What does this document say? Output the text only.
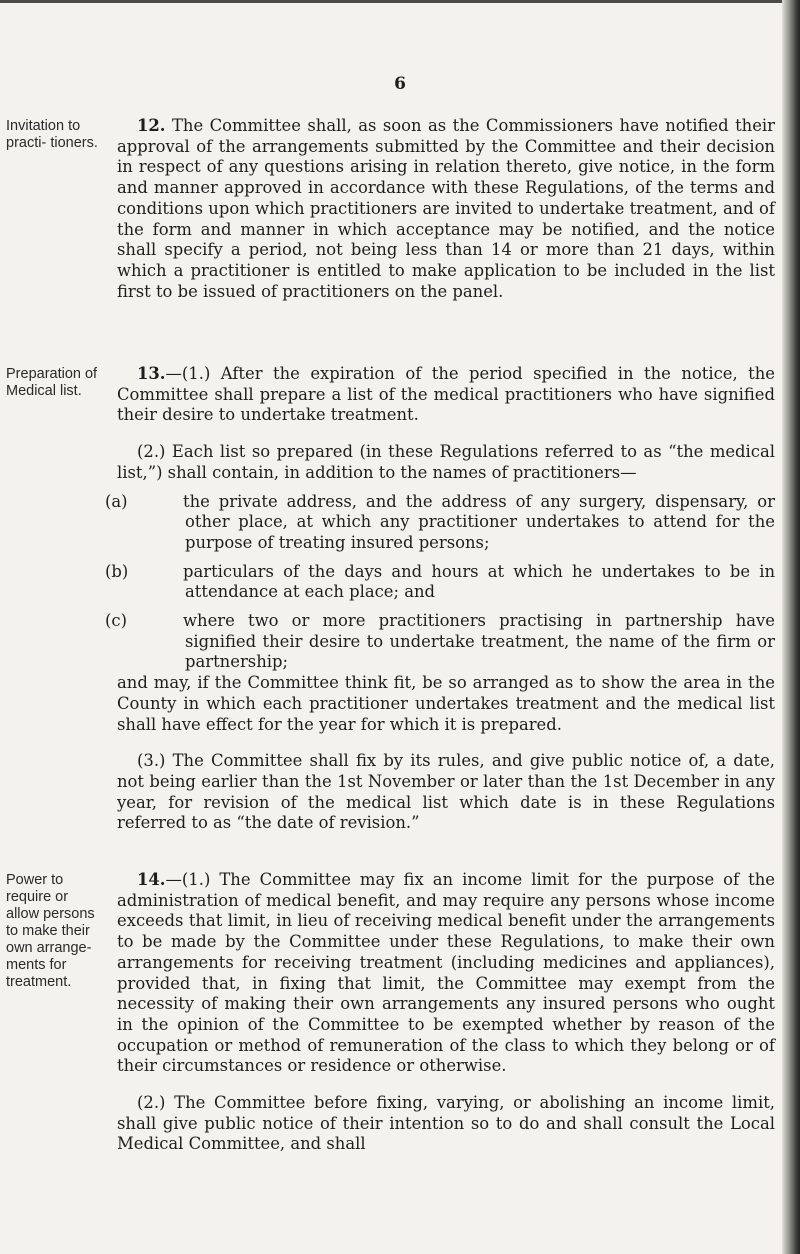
6
Invitation to practi- tioners.
Preparation of Medical list.
Power to require or allow persons to make their own arrange- ments for treatment.

12. The Committee shall, as soon as the Commissioners have notified their approval of the arrangements submitted by the Committee and their decision in respect of any questions arising in relation thereto, give notice, in the form and manner approved in accordance with these Regulations, of the terms and conditions upon which practitioners are invited to undertake treatment, and of the form and manner in which acceptance may be notified, and the notice shall specify a period, not being less than 14 or more than 21 days, within which a practitioner is entitled to make application to be included in the list first to be issued of practitioners on the panel.

13.—(1.) After the expiration of the period specified in the notice, the Committee shall prepare a list of the medical practitioners who have signified their desire to undertake treatment.

(2.) Each list so prepared (in these Regulations referred to as “the medical list,”) shall contain, in addition to the names of practitioners—

(a)	the private address, and the address of any surgery, dispensary, or other place, at which any practitioner undertakes to attend for the purpose of treating insured persons;

(b)	particulars of the days and hours at which he undertakes to be in attendance at each place; and

(c)	where two or more practitioners practising in partnership have signified their desire to undertake treatment, the name of the firm or partnership;

and may, if the Committee think fit, be so arranged as to show the area in the County in which each practitioner undertakes treatment and the medical list shall have effect for the year for which it is prepared.

(3.) The Committee shall fix by its rules, and give public notice of, a date, not being earlier than the 1st November or later than the 1st December in any year, for revision of the medical list which date is in these Regulations referred to as “the date of revision.”

14.—(1.) The Committee may fix an income limit for the purpose of the administration of medical benefit, and may require any persons whose income exceeds that limit, in lieu of receiving medical benefit under the arrangements to be made by the Committee under these Regulations, to make their own arrangements for receiving treatment (including medicines and appliances), provided that, in fixing that limit, the Committee may exempt from the necessity of making their own arrangements any insured persons who ought in the opinion of the Committee to be exempted whether by reason of the occupation or method of remuneration of the class to which they belong or of their circumstances or residence or otherwise.

(2.) The Committee before fixing, varying, or abolishing an income limit, shall give public notice of their intention so to do and shall consult the Local Medical Committee, and shall
